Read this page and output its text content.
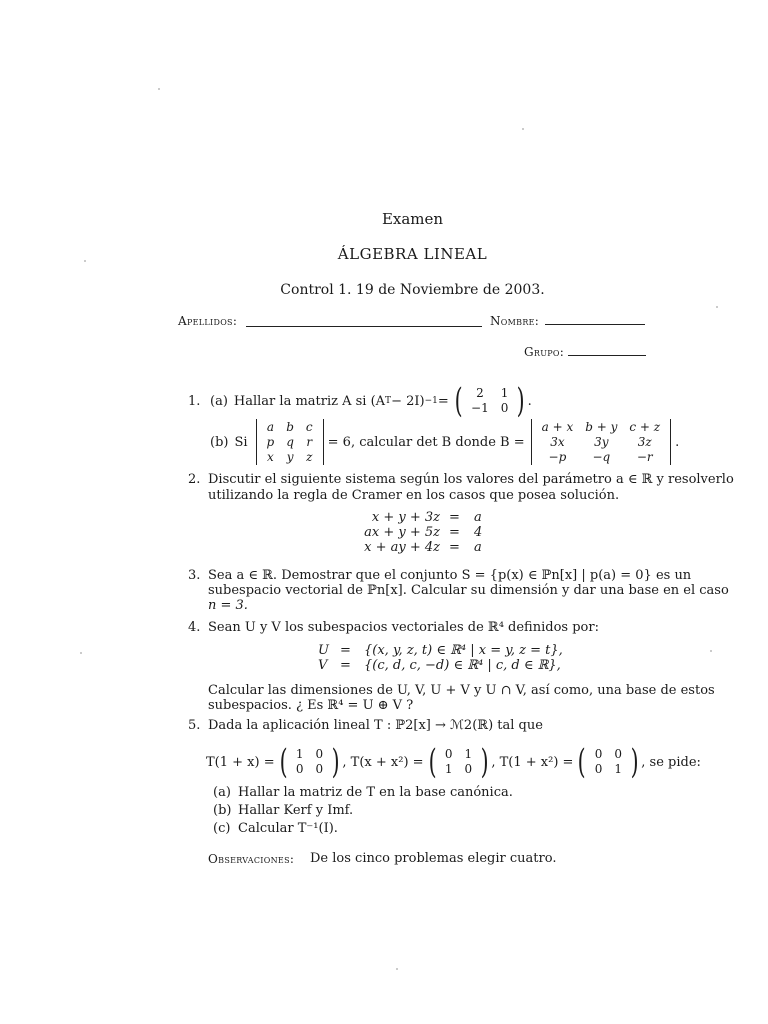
Examen
ÁLGEBRA LINEAL
Control 1. 19 de Noviembre de 2003.
Apellidos:	Nombre:
Grupo:
1. (a) Hallar la matriz A si (A T − 2I) −1 = ( 2	1
−1	0 ) .
(b) Si
a	b	c
p	q	r
x	y	z
= 6, calcular det B donde B =
a + x	b + y	c + z
3x	3y	3z
−p	−q	−r
.
2. Discutir el siguiente sistema según los valores del parámetro a ∈ ℝ y resolverlo
utilizando la regla de Cramer en los casos que posea solución.
x + y + 3z = a
ax + y + 5z = 4
x + ay + 4z = a
3. Sea a ∈ ℝ. Demostrar que el conjunto S = {p(x) ∈ ℙn[x] | p(a) = 0} es un
subespacio vectorial de ℙn[x]. Calcular su dimensión y dar una base en el caso
n = 3.
4. Sean U y V los subespacios vectoriales de ℝ⁴ definidos por:
U = {(x, y, z, t) ∈ ℝ⁴ | x = y, z = t},
V = {(c, d, c, −d) ∈ ℝ⁴ | c, d ∈ ℝ},
Calcular las dimensiones de U, V, U + V y U ∩ V, así como, una base de estos
subespacios. ¿ Es ℝ⁴ = U ⊕ V ?
5. Dada la aplicación lineal T : ℙ2[x] → ℳ2(ℝ) tal que
T(1 + x) = ( 1	0
0	0 ) , T(x + x²) = ( 0	1
1	0 ) , T(1 + x²) = ( 0	0
0	1 ) , se pide:
(a) Hallar la matriz de T en la base canónica.
(b) Hallar Kerf y Imf.
(c) Calcular T⁻¹(I).
Observaciones: De los cinco problemas elegir cuatro.
